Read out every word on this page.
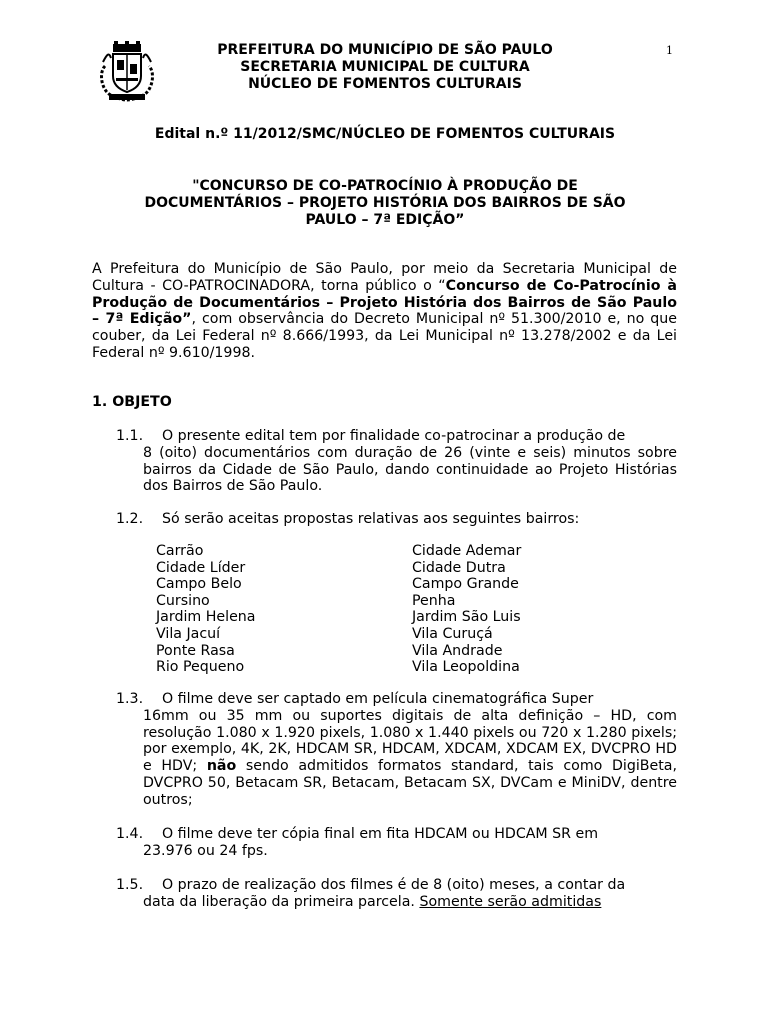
1
PREFEITURA DO MUNICÍPIO DE SÃO PAULO
SECRETARIA MUNICIPAL DE CULTURA
NÚCLEO DE FOMENTOS CULTURAIS
Edital n.º 11/2012/SMC/NÚCLEO DE FOMENTOS CULTURAIS
"CONCURSO DE CO-PATROCÍNIO À PRODUÇÃO DE
DOCUMENTÁRIOS – PROJETO HISTÓRIA DOS BAIRROS DE SÃO
PAULO – 7ª EDIÇÃO”
A Prefeitura do Município de São Paulo, por meio da Secretaria Municipal de Cultura - CO-PATROCINADORA, torna público o “Concurso de Co-Patrocínio à Produção de Documentários – Projeto História dos Bairros de São Paulo – 7ª Edição”, com observância do Decreto Municipal nº 51.300/2010 e, no que couber, da Lei Federal nº 8.666/1993, da Lei Municipal nº 13.278/2002 e da Lei Federal nº 9.610/1998.
1. OBJETO
1.1. O presente edital tem por finalidade co-patrocinar a produção de
8 (oito) documentários com duração de 26 (vinte e seis) minutos sobre bairros da Cidade de São Paulo, dando continuidade ao Projeto Histórias dos Bairros de São Paulo.
1.2. Só serão aceitas propostas relativas aos seguintes bairros:
Carrão
Cidade Líder
Campo Belo
Cursino
Jardim Helena
Vila Jacuí
Ponte Rasa
Rio Pequeno
Cidade Ademar
Cidade Dutra
Campo Grande
Penha
Jardim São Luis
Vila Curuçá
Vila Andrade
Vila Leopoldina
1.3. O filme deve ser captado em película cinematográfica Super
16mm ou 35 mm ou suportes digitais de alta definição – HD, com resolução 1.080 x 1.920 pixels, 1.080 x 1.440 pixels ou 720 x 1.280 pixels; por exemplo, 4K, 2K, HDCAM SR, HDCAM, XDCAM, XDCAM EX, DVCPRO HD e HDV; não sendo admitidos formatos standard, tais como DigiBeta, DVCPRO 50, Betacam SR, Betacam, Betacam SX, DVCam e MiniDV, dentre outros;
1.4. O filme deve ter cópia final em fita HDCAM ou HDCAM SR em
23.976 ou 24 fps.
1.5. O prazo de realização dos filmes é de 8 (oito) meses, a contar da
data da liberação da primeira parcela. Somente serão admitidas
